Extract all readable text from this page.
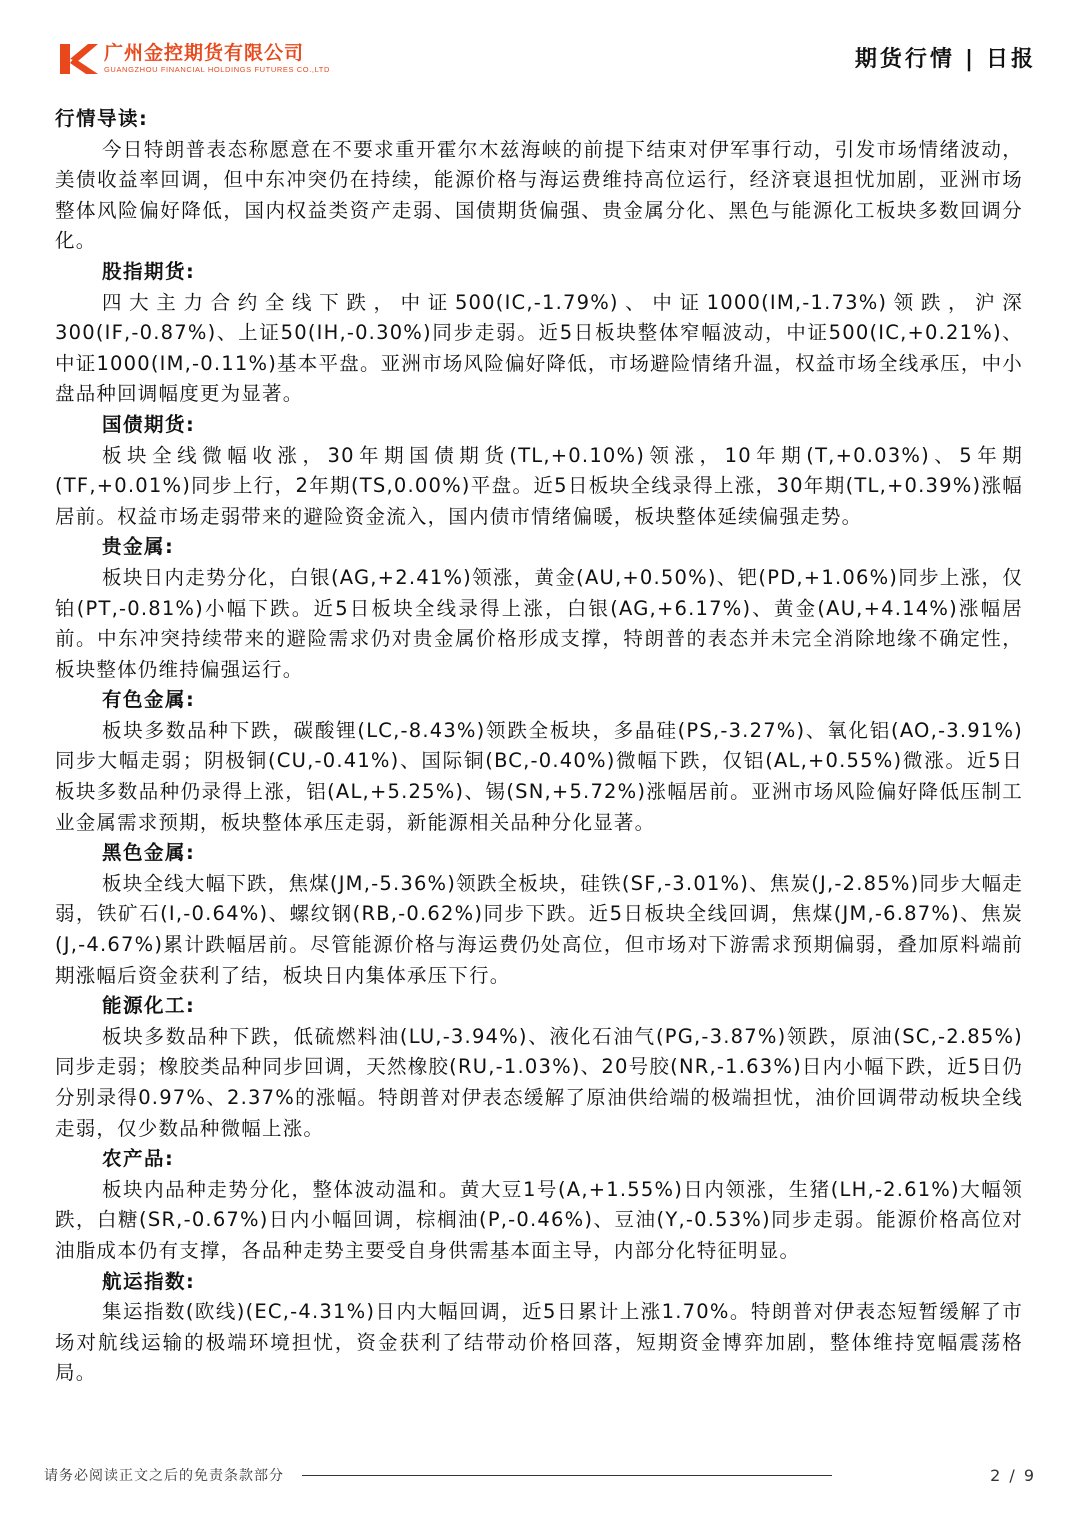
广州金控期货有限公司
GUANGZHOU FINANCIAL HOLDINGS FUTURES CO.,LTD	期货行情 | 日报
行情导读:
今日特朗普表态称愿意在不要求重开霍尔木兹海峡的前提下结束对伊军事行动，引发市场情绪波动，美债收益率回调，但中东冲突仍在持续，能源价格与海运费维持高位运行，经济衰退担忧加剧，亚洲市场整体风险偏好降低，国内权益类资产走弱、国债期货偏强、贵金属分化、黑色与能源化工板块多数回调分化。
股指期货:
四大主力合约全线下跌，中证500(IC,-1.79%)、中证1000(IM,-1.73%)领跌，沪深300(IF,-0.87%)、上证50(IH,-0.30%)同步走弱。近5日板块整体窄幅波动，中证500(IC,+0.21%)、中证1000(IM,-0.11%)基本平盘。亚洲市场风险偏好降低，市场避险情绪升温，权益市场全线承压，中小盘品种回调幅度更为显著。
国债期货:
板块全线微幅收涨，30年期国债期货(TL,+0.10%)领涨，10年期(T,+0.03%)、5年期(TF,+0.01%)同步上行，2年期(TS,0.00%)平盘。近5日板块全线录得上涨，30年期(TL,+0.39%)涨幅居前。权益市场走弱带来的避险资金流入，国内债市情绪偏暖，板块整体延续偏强走势。
贵金属:
板块日内走势分化，白银(AG,+2.41%)领涨，黄金(AU,+0.50%)、钯(PD,+1.06%)同步上涨，仅铂(PT,-0.81%)小幅下跌。近5日板块全线录得上涨，白银(AG,+6.17%)、黄金(AU,+4.14%)涨幅居前。中东冲突持续带来的避险需求仍对贵金属价格形成支撑，特朗普的表态并未完全消除地缘不确定性，板块整体仍维持偏强运行。
有色金属:
板块多数品种下跌，碳酸锂(LC,-8.43%)领跌全板块，多晶硅(PS,-3.27%)、氧化铝(AO,-3.91%)同步大幅走弱；阴极铜(CU,-0.41%)、国际铜(BC,-0.40%)微幅下跌，仅铝(AL,+0.55%)微涨。近5日板块多数品种仍录得上涨，铝(AL,+5.25%)、锡(SN,+5.72%)涨幅居前。亚洲市场风险偏好降低压制工业金属需求预期，板块整体承压走弱，新能源相关品种分化显著。
黑色金属:
板块全线大幅下跌，焦煤(JM,-5.36%)领跌全板块，硅铁(SF,-3.01%)、焦炭(J,-2.85%)同步大幅走弱，铁矿石(I,-0.64%)、螺纹钢(RB,-0.62%)同步下跌。近5日板块全线回调，焦煤(JM,-6.87%)、焦炭(J,-4.67%)累计跌幅居前。尽管能源价格与海运费仍处高位，但市场对下游需求预期偏弱，叠加原料端前期涨幅后资金获利了结，板块日内集体承压下行。
能源化工:
板块多数品种下跌，低硫燃料油(LU,-3.94%)、液化石油气(PG,-3.87%)领跌，原油(SC,-2.85%)同步走弱；橡胶类品种同步回调，天然橡胶(RU,-1.03%)、20号胶(NR,-1.63%)日内小幅下跌，近5日仍分别录得0.97%、2.37%的涨幅。特朗普对伊表态缓解了原油供给端的极端担忧，油价回调带动板块全线走弱，仅少数品种微幅上涨。
农产品:
板块内品种走势分化，整体波动温和。黄大豆1号(A,+1.55%)日内领涨，生猪(LH,-2.61%)大幅领跌，白糖(SR,-0.67%)日内小幅回调，棕榈油(P,-0.46%)、豆油(Y,-0.53%)同步走弱。能源价格高位对油脂成本仍有支撑，各品种走势主要受自身供需基本面主导，内部分化特征明显。
航运指数:
集运指数(欧线)(EC,-4.31%)日内大幅回调，近5日累计上涨1.70%。特朗普对伊表态短暂缓解了市场对航线运输的极端环境担忧，资金获利了结带动价格回落，短期资金博弈加剧，整体维持宽幅震荡格局。
请务必阅读正文之后的免责条款部分	2 / 9
